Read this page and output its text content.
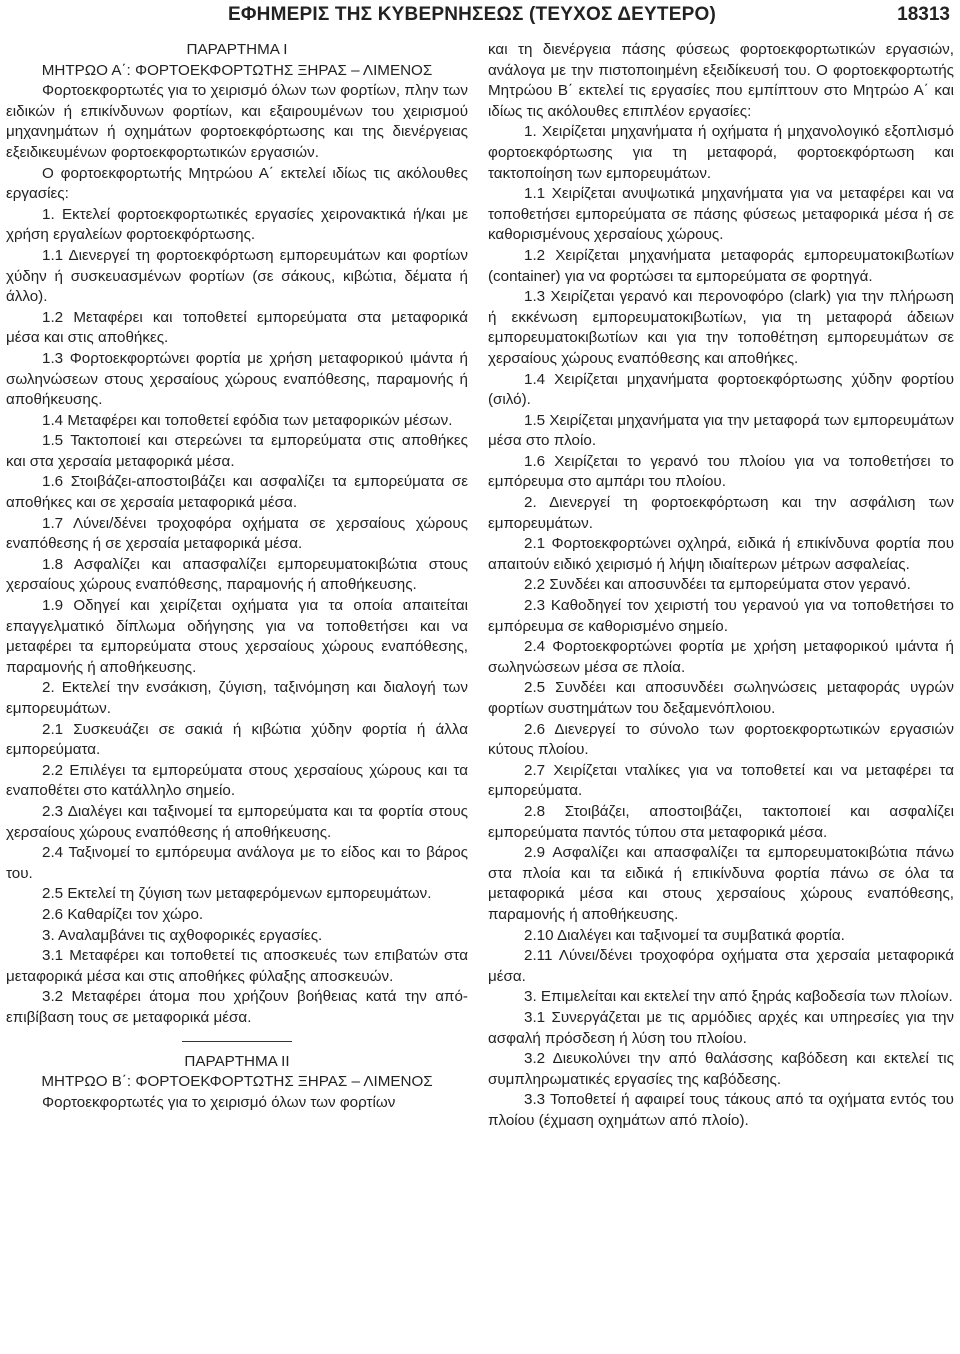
ΕΦΗΜΕΡΙΣ ΤΗΣ ΚΥΒΕΡΝΗΣΕΩΣ (ΤΕΥΧΟΣ ΔΕΥΤΕΡΟ)	18313

ΠΑΡΑΡΤΗΜΑ Ι

ΜΗΤΡΩΟ Α΄: ΦΟΡΤΟΕΚΦΟΡΤΩΤΗΣ ΞΗΡΑΣ – ΛΙΜΕΝΟΣ

Φορτοεκφορτωτές για το χειρισμό όλων των φορτίων, πλην των ειδικών ή επικίνδυνων φορτίων, και εξαιρουμένων του χειρισμού μηχανημάτων ή οχημάτων φορτοεκφόρτωσης και της διενέργειας εξειδικευμένων φορτοεκφορτωτικών εργασιών.

Ο φορτοεκφορτωτής Μητρώου Α΄ εκτελεί ιδίως τις ακόλουθες εργασίες:

1. Εκτελεί φορτοεκφορτωτικές εργασίες χειρονακτικά ή/και με χρήση εργαλείων φορτοεκφόρτωσης.

1.1 Διενεργεί τη φορτοεκφόρτωση εμπορευμάτων και φορτίων χύδην ή συσκευασμένων φορτίων (σε σάκους, κιβώτια, δέματα ή άλλο).

1.2 Μεταφέρει και τοποθετεί εμπορεύματα στα μεταφορικά μέσα και στις αποθήκες.

1.3 Φορτοεκφορτώνει φορτία με χρήση μεταφορικού ιμάντα ή σωληνώσεων στους χερσαίους χώρους εναπόθεσης, παραμονής ή αποθήκευσης.

1.4 Μεταφέρει και τοποθετεί εφόδια των μεταφορικών μέσων.

1.5 Τακτοποιεί και στερεώνει τα εμπορεύματα στις αποθήκες και στα χερσαία μεταφορικά μέσα.

1.6 Στοιβάζει-αποστοιβάζει και ασφαλίζει τα εμπορεύματα σε αποθήκες και σε χερσαία μεταφορικά μέσα.

1.7 Λύνει/δένει τροχοφόρα οχήματα σε χερσαίους χώρους εναπόθεσης ή σε χερσαία μεταφορικά μέσα.

1.8 Ασφαλίζει και απασφαλίζει εμπορευματοκιβώτια στους χερσαίους χώρους εναπόθεσης, παραμονής ή αποθήκευσης.

1.9 Οδηγεί και χειρίζεται οχήματα για τα οποία απαιτείται επαγγελματικό δίπλωμα οδήγησης για να τοποθετήσει και να μεταφέρει τα εμπορεύματα στους χερσαίους χώρους εναπόθεσης, παραμονής ή αποθήκευσης.

2. Εκτελεί την ενσάκιση, ζύγιση, ταξινόμηση και διαλογή των εμπορευμάτων.

2.1 Συσκευάζει σε σακιά ή κιβώτια χύδην φορτία ή άλλα εμπορεύματα.

2.2 Επιλέγει τα εμπορεύματα στους χερσαίους χώρους και τα εναποθέτει στο κατάλληλο σημείο.

2.3 Διαλέγει και ταξινομεί τα εμπορεύματα και τα φορτία στους χερσαίους χώρους εναπόθεσης ή αποθήκευσης.

2.4 Ταξινομεί το εμπόρευμα ανάλογα με το είδος και το βάρος του.

2.5 Εκτελεί τη ζύγιση των μεταφερόμενων εμπορευμάτων.

2.6 Καθαρίζει τον χώρο.

3. Αναλαμβάνει τις αχθοφορικές εργασίες.

3.1 Μεταφέρει και τοποθετεί τις αποσκευές των επιβατών στα μεταφορικά μέσα και στις αποθήκες φύλαξης αποσκευών.

3.2 Μεταφέρει άτομα που χρήζουν βοήθειας κατά την από-επιβίβαση τους σε μεταφορικά μέσα.

ΠΑΡΑΡΤΗΜΑ ΙΙ

ΜΗΤΡΩΟ Β΄: ΦΟΡΤΟΕΚΦΟΡΤΩΤΗΣ ΞΗΡΑΣ – ΛΙΜΕΝΟΣ

Φορτοεκφορτωτές για το χειρισμό όλων των φορτίων

και τη διενέργεια πάσης φύσεως φορτοεκφορτωτικών εργασιών, ανάλογα με την πιστοποιημένη εξειδίκευσή του. Ο φορτοεκφορτωτής Μητρώου Β΄ εκτελεί τις εργασίες που εμπίπτουν στο Μητρώο Α΄ και ιδίως τις ακόλουθες επιπλέον εργασίες:

1. Χειρίζεται μηχανήματα ή οχήματα ή μηχανολογικό εξοπλισμό φορτοεκφόρτωσης για τη μεταφορά, φορτοεκφόρτωση και τακτοποίηση των εμπορευμάτων.

1.1 Χειρίζεται ανυψωτικά μηχανήματα για να μεταφέρει και να τοποθετήσει εμπορεύματα σε πάσης φύσεως μεταφορικά μέσα ή σε καθορισμένους χερσαίους χώρους.

1.2 Χειρίζεται μηχανήματα μεταφοράς εμπορευματοκιβωτίων (container) για να φορτώσει τα εμπορεύματα σε φορτηγά.

1.3 Χειρίζεται γερανό και περονοφόρο (clark) για την πλήρωση ή εκκένωση εμπορευματοκιβωτίων, για τη μεταφορά άδειων εμπορευματοκιβωτίων και για την τοποθέτηση εμπορευμάτων σε χερσαίους χώρους εναπόθεσης και αποθήκες.

1.4 Χειρίζεται μηχανήματα φορτοεκφόρτωσης χύδην φορτίου (σιλό).

1.5 Χειρίζεται μηχανήματα για την μεταφορά των εμπορευμάτων μέσα στο πλοίο.

1.6 Χειρίζεται το γερανό του πλοίου για να τοποθετήσει το εμπόρευμα στο αμπάρι του πλοίου.

2. Διενεργεί τη φορτοεκφόρτωση και την ασφάλιση των εμπορευμάτων.

2.1 Φορτοεκφορτώνει οχληρά, ειδικά ή επικίνδυνα φορτία που απαιτούν ειδικό χειρισμό ή λήψη ιδιαίτερων μέτρων ασφαλείας.

2.2 Συνδέει και αποσυνδέει τα εμπορεύματα στον γερανό.

2.3 Καθοδηγεί τον χειριστή του γερανού για να τοποθετήσει το εμπόρευμα σε καθορισμένο σημείο.

2.4 Φορτοεκφορτώνει φορτία με χρήση μεταφορικού ιμάντα ή σωληνώσεων μέσα σε πλοία.

2.5 Συνδέει και αποσυνδέει σωληνώσεις μεταφοράς υγρών φορτίων συστημάτων του δεξαμενόπλοιου.

2.6 Διενεργεί το σύνολο των φορτοεκφορτωτικών εργασιών κύτους πλοίου.

2.7 Χειρίζεται νταλίκες για να τοποθετεί και να μεταφέρει τα εμπορεύματα.

2.8 Στοιβάζει, αποστοιβάζει, τακτοποιεί και ασφαλίζει εμπορεύματα παντός τύπου στα μεταφορικά μέσα.

2.9 Ασφαλίζει και απασφαλίζει τα εμπορευματοκιβώτια πάνω στα πλοία και τα ειδικά ή επικίνδυνα φορτία πάνω σε όλα τα μεταφορικά μέσα και στους χερσαίους χώρους εναπόθεσης, παραμονής ή αποθήκευσης.

2.10 Διαλέγει και ταξινομεί τα συμβατικά φορτία.

2.11 Λύνει/δένει τροχοφόρα οχήματα στα χερσαία μεταφορικά μέσα.

3. Επιμελείται και εκτελεί την από ξηράς καβοδεσία των πλοίων.

3.1 Συνεργάζεται με τις αρμόδιες αρχές και υπηρεσίες για την ασφαλή πρόσδεση ή λύση του πλοίου.

3.2 Διευκολύνει την από θαλάσσης καβόδεση και εκτελεί τις συμπληρωματικές εργασίες της καβόδεσης.

3.3 Τοποθετεί ή αφαιρεί τους τάκους από τα οχήματα εντός του πλοίου (έχμαση οχημάτων από πλοίο).
